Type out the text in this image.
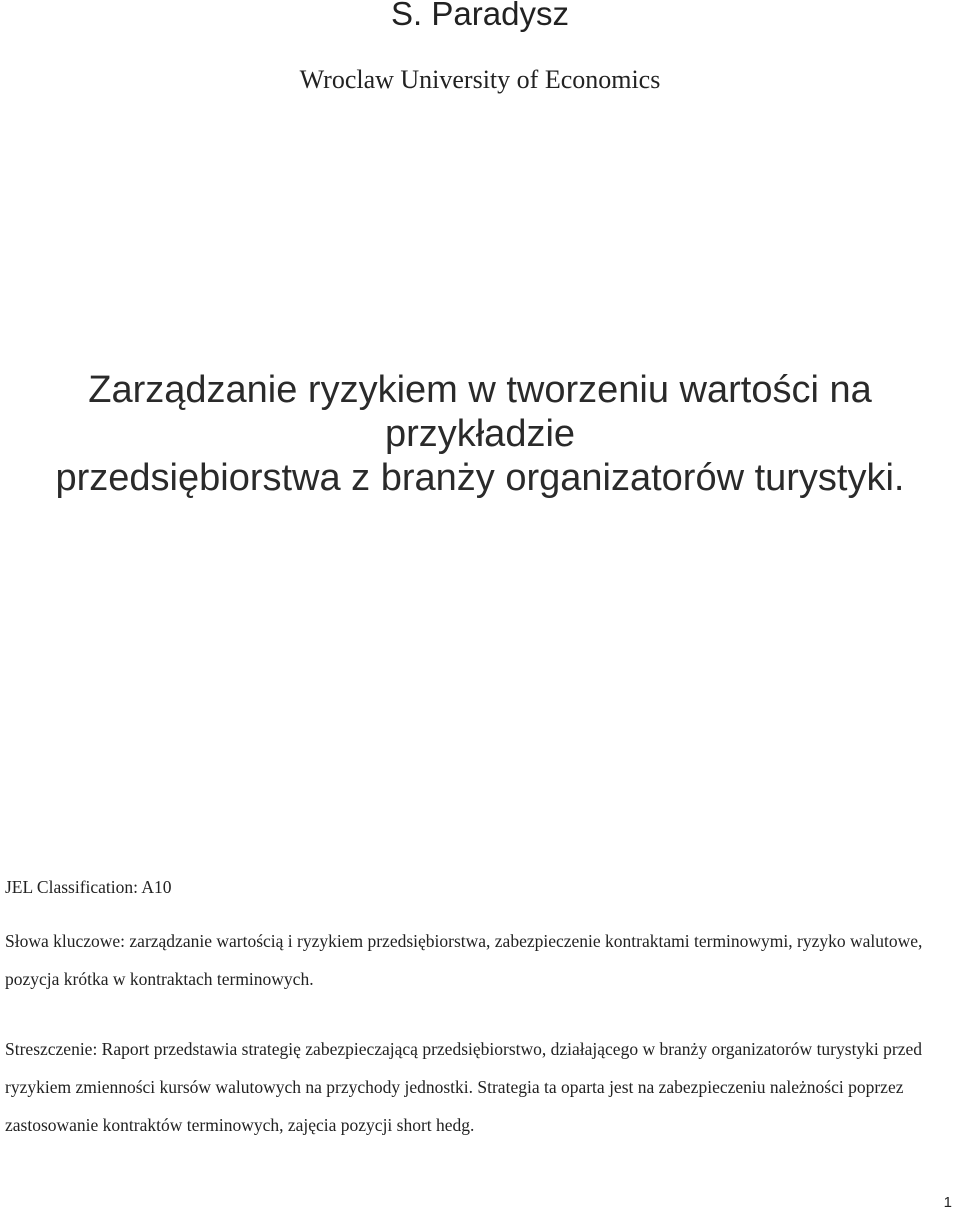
S. Paradysz
Wroclaw University of Economics
Zarządzanie ryzykiem w tworzeniu wartości na przykładzie
przedsiębiorstwa z branży organizatorów turystyki.

JEL Classification: A10

Słowa kluczowe: zarządzanie wartością i ryzykiem przedsiębiorstwa, zabezpieczenie kontraktami terminowymi, ryzyko walutowe, pozycja krótka w kontraktach terminowych.

Streszczenie: Raport przedstawia strategię zabezpieczającą przedsiębiorstwo, działającego w branży organizatorów turystyki przed ryzykiem zmienności kursów walutowych na przychody jednostki. Strategia ta oparta jest na zabezpieczeniu należności poprzez zastosowanie kontraktów terminowych, zajęcia pozycji short hedg.

1
